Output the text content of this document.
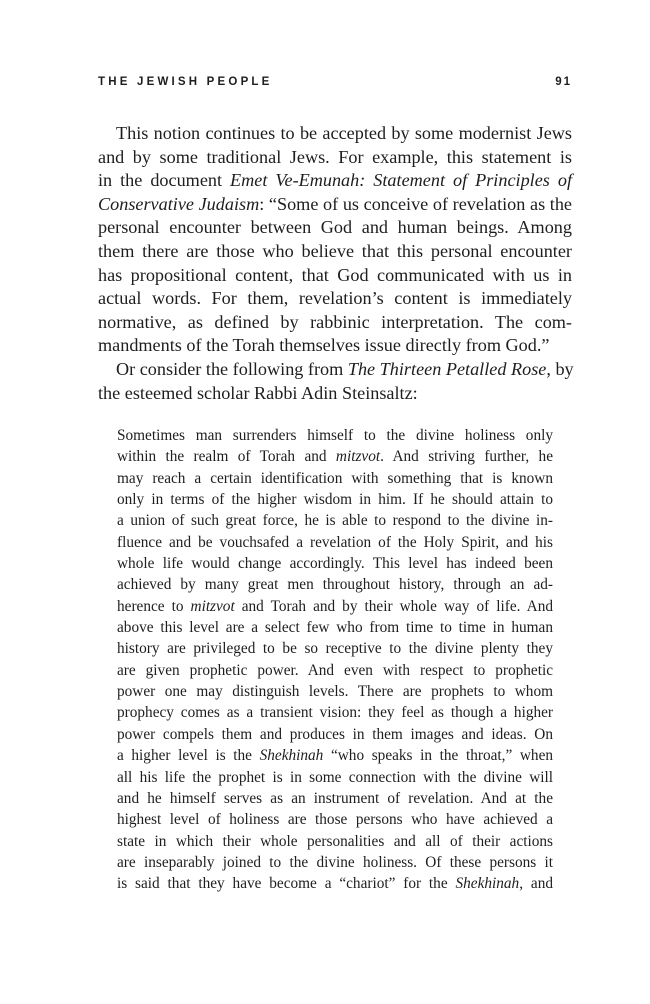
THE JEWISH PEOPLE	91
This notion continues to be accepted by some modernist Jews
and by some traditional Jews. For example, this statement is
in the document Emet Ve-Emunah: Statement of Principles of
Conservative Judaism: “Some of us conceive of revelation as the
personal encounter between God and human beings. Among
them there are those who believe that this personal encounter
has propositional content, that God communicated with us in
actual words. For them, revelation’s content is immediately
normative, as defined by rabbinic interpretation. The com-
mandments of the Torah themselves issue directly from God.”
Or consider the following from The Thirteen Petalled Rose, by
the esteemed scholar Rabbi Adin Steinsaltz:
Sometimes man surrenders himself to the divine holiness only
within the realm of Torah and mitzvot. And striving further, he
may reach a certain identification with something that is known
only in terms of the higher wisdom in him. If he should attain to
a union of such great force, he is able to respond to the divine in-
fluence and be vouchsafed a revelation of the Holy Spirit, and his
whole life would change accordingly. This level has indeed been
achieved by many great men throughout history, through an ad-
herence to mitzvot and Torah and by their whole way of life. And
above this level are a select few who from time to time in human
history are privileged to be so receptive to the divine plenty they
are given prophetic power. And even with respect to prophetic
power one may distinguish levels. There are prophets to whom
prophecy comes as a transient vision: they feel as though a higher
power compels them and produces in them images and ideas. On
a higher level is the Shekhinah “who speaks in the throat,” when
all his life the prophet is in some connection with the divine will
and he himself serves as an instrument of revelation. And at the
highest level of holiness are those persons who have achieved a
state in which their whole personalities and all of their actions
are inseparably joined to the divine holiness. Of these persons it
is said that they have become a “chariot” for the Shekhinah, and
